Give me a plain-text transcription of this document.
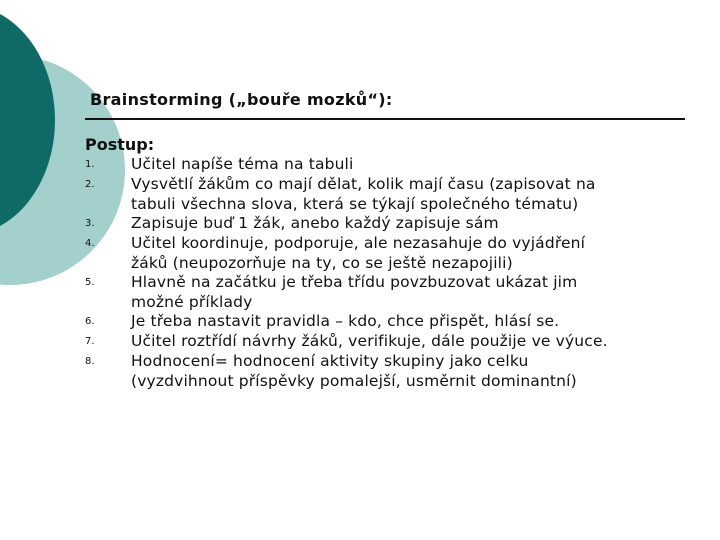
Brainstorming („bouře mozků“):
Postup:
1.	Učitel napíše téma na tabuli
2.	Vysvětlí žákům co mají dělat, kolik mají času (zapisovat na
tabuli všechna slova, která se týkají společného tématu)
3.	Zapisuje buď 1 žák, anebo každý zapisuje sám
4.	Učitel koordinuje, podporuje, ale nezasahuje do vyjádření
žáků (neupozorňuje na ty, co se ještě nezapojili)
5.	Hlavně na začátku je třeba třídu povzbuzovat ukázat jim
možné příklady
6.	Je třeba nastavit pravidla – kdo, chce přispět, hlásí se.
7.	Učitel roztřídí návrhy žáků, verifikuje, dále použije ve výuce.
8.	Hodnocení= hodnocení aktivity skupiny jako celku
(vyzdvihnout příspěvky pomalejší, usměrnit dominantní)
